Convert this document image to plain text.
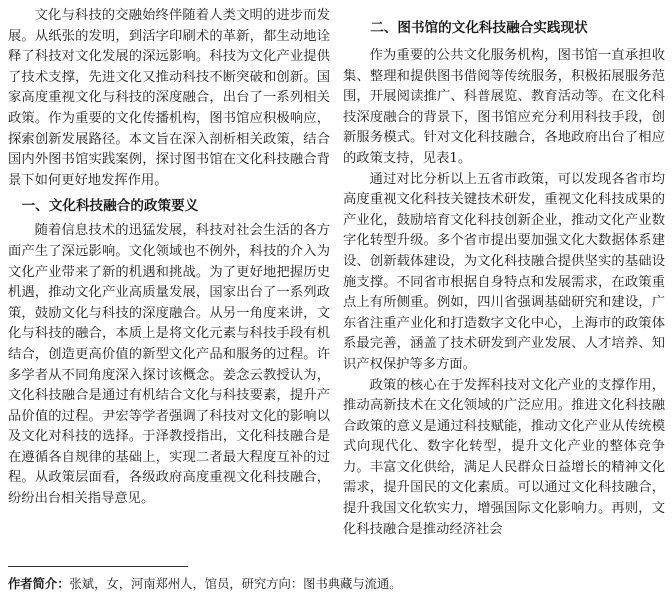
文化与科技的交融始终伴随着人类文明的进步而发展。从纸张的发明，到活字印刷术的革新，都生动地诠释了科技对文化发展的深远影响。科技为文化产业提供了技术支撑，先进文化又推动科技不断突破和创新。国家高度重视文化与科技的深度融合，出台了一系列相关政策。作为重要的文化传播机构，图书馆应积极响应，探索创新发展路径。本文旨在深入剖析相关政策，结合国内外图书馆实践案例，探讨图书馆在文化科技融合背景下如何更好地发挥作用。

一、文化科技融合的政策要义

随着信息技术的迅猛发展，科技对社会生活的各方面产生了深远影响。文化领域也不例外，科技的介入为文化产业带来了新的机遇和挑战。为了更好地把握历史机遇，推动文化产业高质量发展，国家出台了一系列政策，鼓励文化与科技的深度融合。从另一角度来讲，文化与科技的融合，本质上是将文化元素与科技手段有机结合，创造更高价值的新型文化产品和服务的过程。许多学者从不同角度深入探讨该概念。姜念云教授认为，文化科技融合是通过有机结合文化与科技要素，提升产品价值的过程。尹宏等学者强调了科技对文化的影响以及文化对科技的选择。于泽教授指出，文化科技融合是在遵循各自规律的基础上，实现二者最大程度互补的过程。从政策层面看，各级政府高度重视文化科技融合，纷纷出台相关指导意见。

二、图书馆的文化科技融合实践现状

作为重要的公共文化服务机构，图书馆一直承担收集、整理和提供图书借阅等传统服务，积极拓展服务范围，开展阅读推广、科普展览、教育活动等。在文化科技深度融合的背景下，图书馆应充分利用科技手段，创新服务模式。针对文化科技融合，各地政府出台了相应的政策支持，见表1。

通过对比分析以上五省市政策，可以发现各省市均高度重视文化科技关键技术研发，重视文化科技成果的产业化，鼓励培育文化科技创新企业，推动文化产业数字化转型升级。多个省市提出要加强文化大数据体系建设、创新载体建设，为文化科技融合提供坚实的基础设施支撑。不同省市根据自身特点和发展需求，在政策重点上有所侧重。例如，四川省强调基础研究和建设，广东省注重产业化和打造数字文化中心，上海市的政策体系最完善，涵盖了技术研发到产业发展、人才培养、知识产权保护等多方面。

政策的核心在于发挥科技对文化产业的支撑作用，推动高新技术在文化领域的广泛应用。推进文化科技融合政策的意义是通过科技赋能，推动文化产业从传统模式向现代化、数字化转型，提升文化产业的整体竞争力。丰富文化供给，满足人民群众日益增长的精神文化需求，提升国民的文化素质。可以通过文化科技融合，提升我国文化软实力，增强国际文化影响力。再则，文化科技融合是推动经济社会

作者简介：张斌，女，河南郑州人，馆员，研究方向：图书典藏与流通。
